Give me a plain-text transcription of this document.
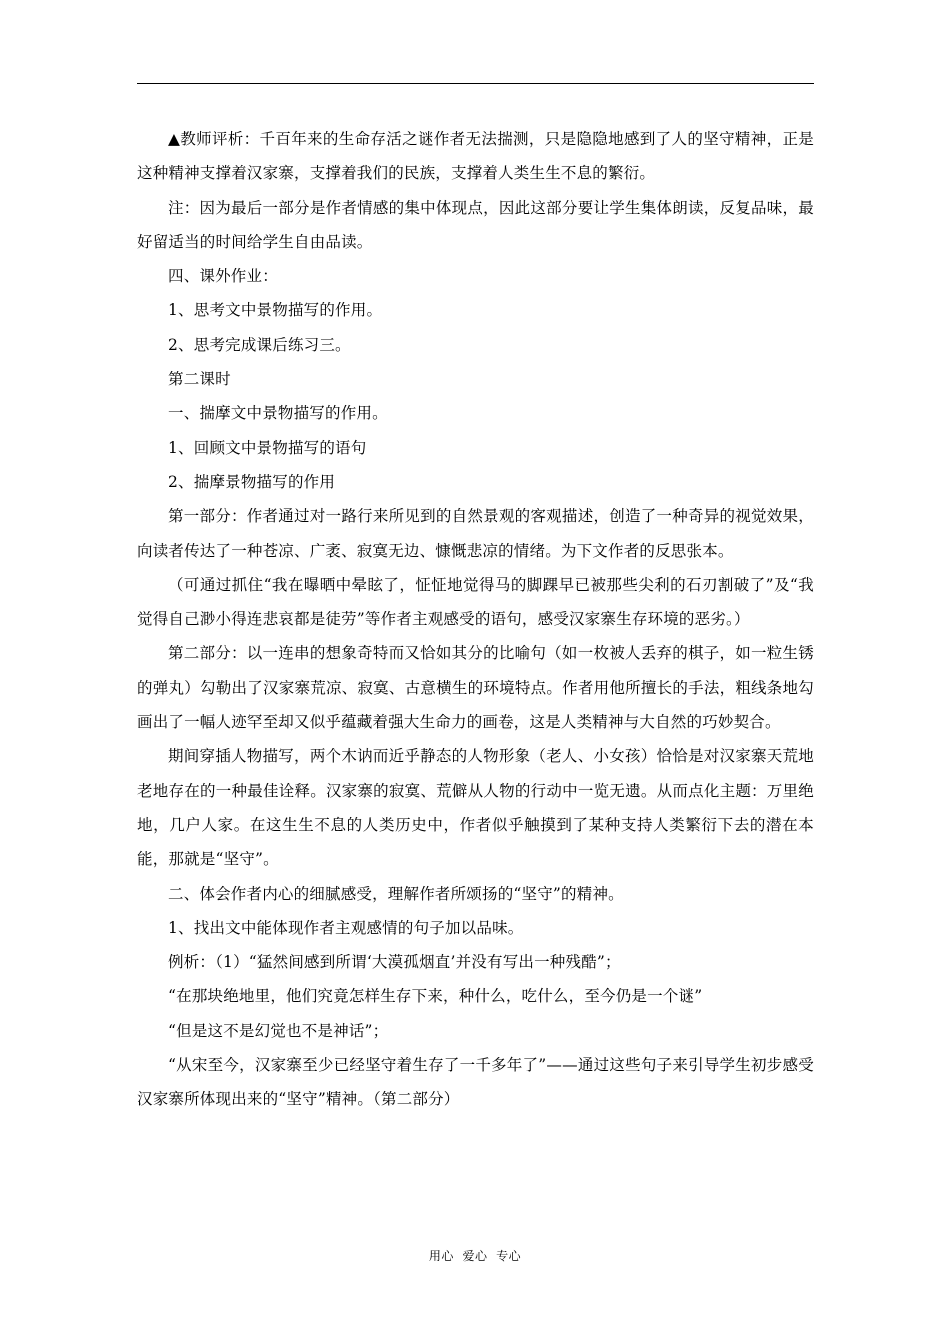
▲教师评析：千百年来的生命存活之谜作者无法揣测，只是隐隐地感到了人的坚守精神，正是这种精神支撑着汉家寨，支撑着我们的民族，支撑着人类生生不息的繁衍。

注：因为最后一部分是作者情感的集中体现点，因此这部分要让学生集体朗读，反复品味，最好留适当的时间给学生自由品读。

四、课外作业：

1、思考文中景物描写的作用。

2、思考完成课后练习三。

第二课时

一、揣摩文中景物描写的作用。

1、回顾文中景物描写的语句

2、揣摩景物描写的作用

第一部分：作者通过对一路行来所见到的自然景观的客观描述，创造了一种奇异的视觉效果，向读者传达了一种苍凉、广袤、寂寞无边、慷慨悲凉的情绪。为下文作者的反思张本。

（可通过抓住“我在曝晒中晕眩了，怔怔地觉得马的脚踝早已被那些尖利的石刃割破了”及“我觉得自己渺小得连悲哀都是徒劳”等作者主观感受的语句，感受汉家寨生存环境的恶劣。）

第二部分：以一连串的想象奇特而又恰如其分的比喻句（如一枚被人丢弃的棋子，如一粒生锈的弹丸）勾勒出了汉家寨荒凉、寂寞、古意横生的环境特点。作者用他所擅长的手法，粗线条地勾画出了一幅人迹罕至却又似乎蕴藏着强大生命力的画卷，这是人类精神与大自然的巧妙契合。

期间穿插人物描写，两个木讷而近乎静态的人物形象（老人、小女孩）恰恰是对汉家寨天荒地老地存在的一种最佳诠释。汉家寨的寂寞、荒僻从人物的行动中一览无遗。从而点化主题：万里绝地，几户人家。在这生生不息的人类历史中，作者似乎触摸到了某种支持人类繁衍下去的潜在本能，那就是“坚守”。

二、体会作者内心的细腻感受，理解作者所颂扬的“坚守”的精神。

1、找出文中能体现作者主观感情的句子加以品味。

例析：（1）“猛然间感到所谓‘大漠孤烟直’并没有写出一种残酷”；

“在那块绝地里，他们究竟怎样生存下来，种什么，吃什么，至今仍是一个谜”

“但是这不是幻觉也不是神话”；

“从宋至今，汉家寨至少已经坚守着生存了一千多年了”——通过这些句子来引导学生初步感受汉家寨所体现出来的“坚守”精神。（第二部分）

用心  爱心  专心
